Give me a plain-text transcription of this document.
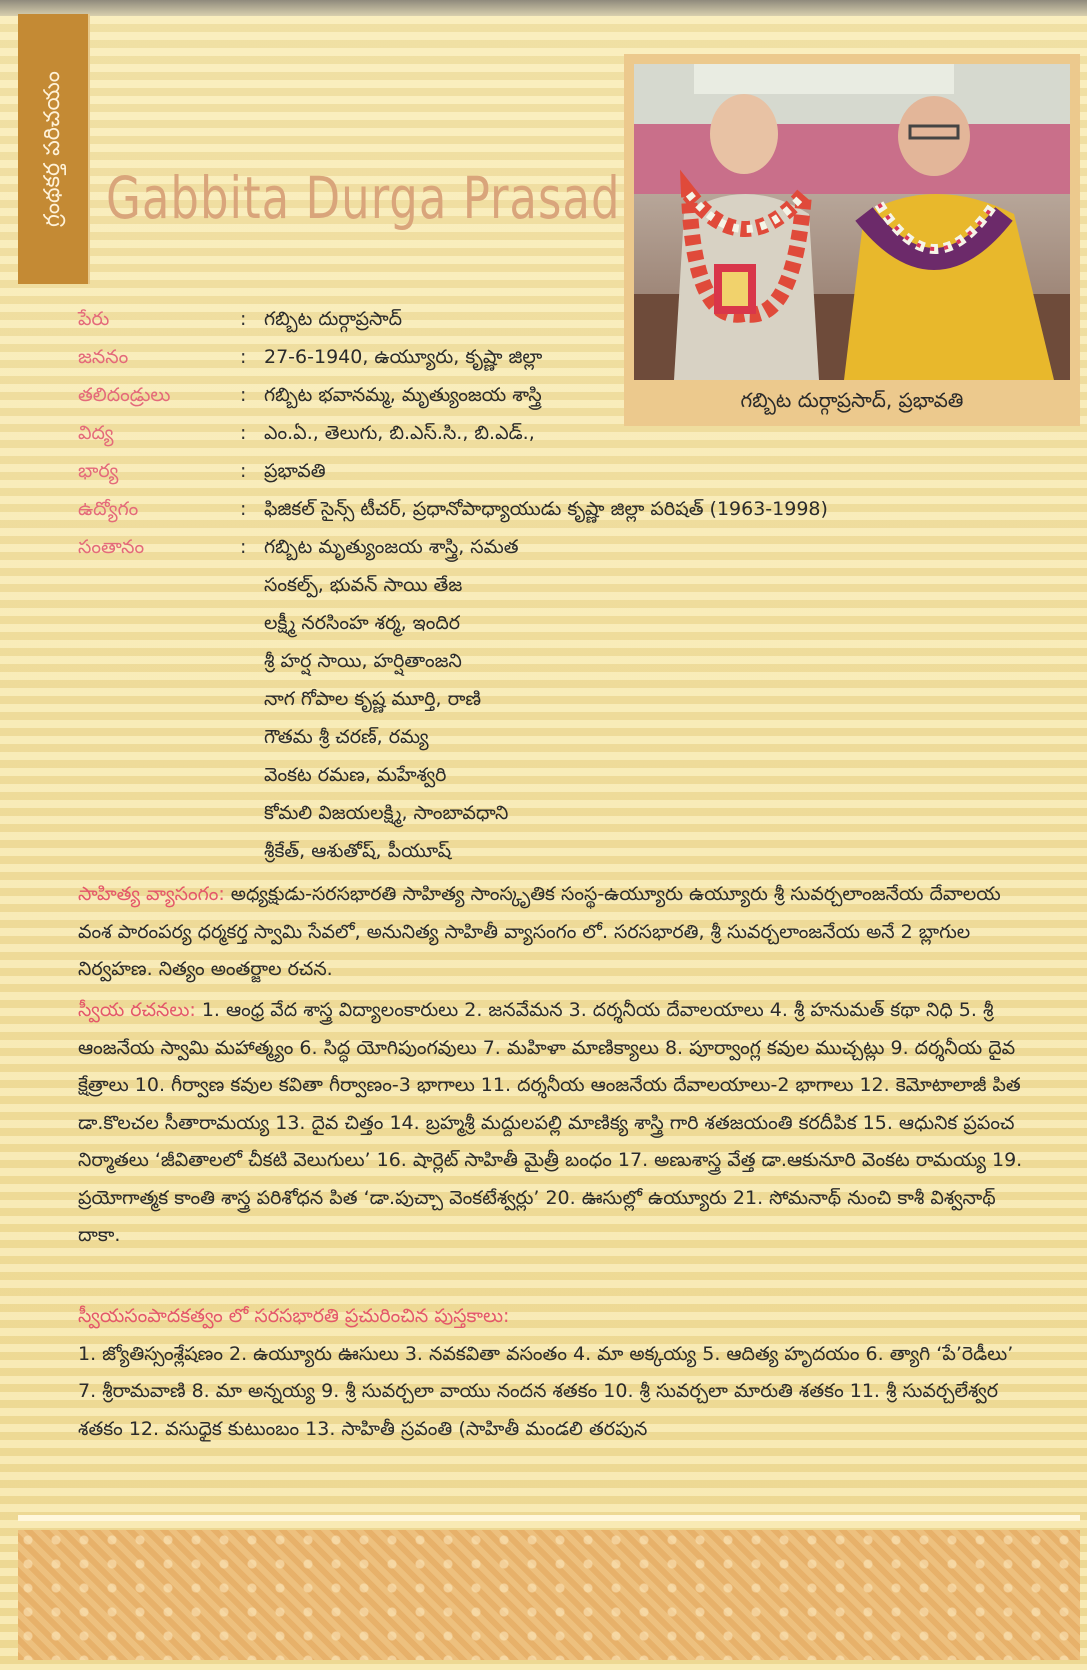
గ్రంథకర్త పరిచయం Gabbita Durga Prasad
గబ్బిట దుర్గాప్రసాద్, ప్రభావతి
పేరు	: గబ్బిట దుర్గాప్రసాద్
జననం	: 27-6-1940, ఉయ్యూరు, కృష్ణా జిల్లా
తలిదండ్రులు	: గబ్బిట భవానమ్మ, మృత్యుంజయ శాస్త్రి
విద్య	: ఎం.ఏ., తెలుగు, బి.ఎస్.సి., బి.ఎడ్.,
భార్య	: ప్రభావతి
ఉద్యోగం	: ఫిజికల్ సైన్స్ టీచర్, ప్రధానోపాధ్యాయుడు కృష్ణా జిల్లా పరిషత్ (1963-1998)
సంతానం	: గబ్బిట మృత్యుంజయ శాస్త్రి, సమత
సంకల్ప్, భువన్ సాయి తేజ
లక్ష్మీ నరసింహ శర్మ, ఇందిర
శ్రీ హర్ష సాయి, హర్షితాంజని
నాగ గోపాల కృష్ణ మూర్తి, రాణి
గౌతమ శ్రీ చరణ్, రమ్య
వెంకట రమణ, మహేశ్వరి
కోమలి విజయలక్ష్మి, సాంబావధాని
శ్రీకేత్, ఆశుతోష్, పీయూష్
సాహిత్య వ్యాసంగం: అధ్యక్షుడు-సరసభారతి సాహిత్య సాంస్కృతిక సంస్థ-ఉయ్యూరు ఉయ్యూరు శ్రీ సువర్చలాంజనేయ దేవాలయ వంశ పారంపర్య ధర్మకర్త స్వామి సేవలో, అనునిత్య సాహితీ వ్యాసంగం లో. సరసభారతి, శ్రీ సువర్చలాంజనేయ అనే 2 బ్లాగుల నిర్వహణ. నిత్యం అంతర్జాల రచన.
స్వీయ రచనలు: 1. ఆంధ్ర వేద శాస్త్ర విద్యాలంకారులు 2. జనవేమన 3. దర్శనీయ దేవాలయాలు 4. శ్రీ హనుమత్ కథా నిధి 5. శ్రీ ఆంజనేయ స్వామి మహాత్మ్యం 6. సిద్ధ యోగిపుంగవులు 7. మహిళా మాణిక్యాలు 8. పూర్వాంగ్ల కవుల ముచ్చట్లు 9. దర్శనీయ దైవ క్షేత్రాలు 10. గీర్వాణ కవుల కవితా గీర్వాణం-3 భాగాలు 11. దర్శనీయ ఆంజనేయ దేవాలయాలు-2 భాగాలు 12. కెమోటాలాజీ పిత డా.కొలచల సీతారామయ్య 13. దైవ చిత్తం 14. బ్రహ్మశ్రీ మద్దులపల్లి మాణిక్య శాస్త్రి గారి శతజయంతి కరదీపిక 15. ఆధునిక ప్రపంచ నిర్మాతలు ‘జీవితాలలో చీకటి వెలుగులు’ 16. షార్లెట్ సాహితీ మైత్రీ బంధం 17. అణుశాస్త్ర వేత్త డా.ఆకునూరి వెంకట రామయ్య 19. ప్రయోగాత్మక కాంతి శాస్త్ర పరిశోధన పిత ‘డా.పుచ్చా వెంకటేశ్వర్లు’ 20. ఊసుల్లో ఉయ్యూరు 21. సోమనాథ్ నుంచి కాశీ విశ్వనాథ్ దాకా.
స్వీయసంపాదకత్వం లో సరసభారతి ప్రచురించిన పుస్తకాలు:
1. జ్యోతిస్సంశ్లేషణం 2. ఉయ్యూరు ఊసులు 3. నవకవితా వసంతం 4. మా అక్కయ్య 5. ఆదిత్య హృదయం 6. త్యాగి ‘పే’రెడీలు’ 7. శ్రీరామవాణి 8. మా అన్నయ్య 9. శ్రీ సువర్చలా వాయు నందన శతకం 10. శ్రీ సువర్చలా మారుతి శతకం 11. శ్రీ సువర్చలేశ్వర శతకం 12. వసుధైక కుటుంబం 13. సాహితీ స్రవంతి (సాహితీ మండలి తరపున
